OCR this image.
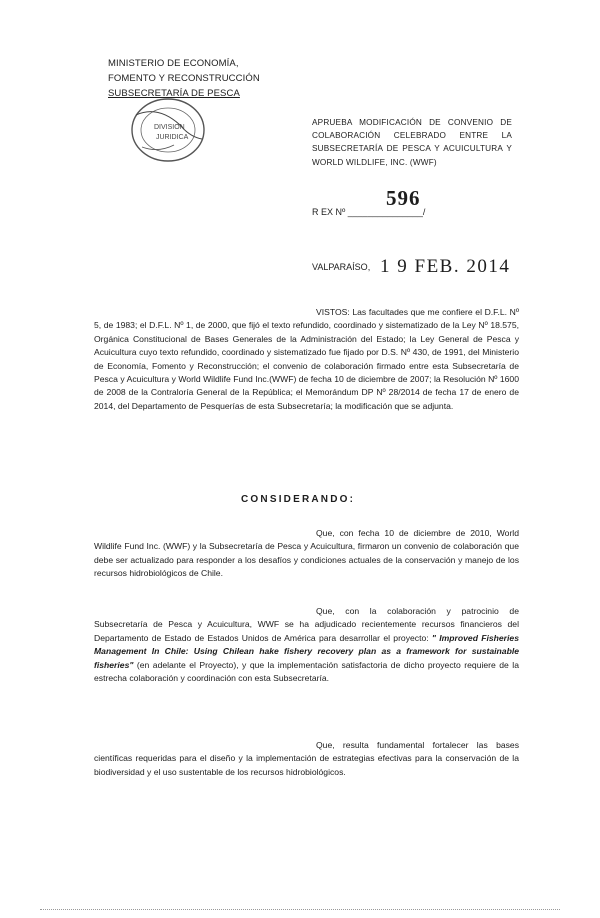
MINISTERIO DE ECONOMÍA,
FOMENTO Y RECONSTRUCCIÓN
SUBSECRETARÍA DE PESCA
DIVISION
JURIDICA
APRUEBA MODIFICACIÓN DE CONVENIO DE COLABORACIÓN CELEBRADO ENTRE LA SUBSECRETARÍA DE PESCA Y ACUICULTURA Y WORLD WILDLIFE, INC. (WWF)
596
R EX Nº _______________/
VALPARAÍSO, 1 9 FEB. 2014
VISTOS: Las facultades que me confiere el D.F.L. Nº 5, de 1983; el D.F.L. Nº 1, de 2000, que fijó el texto refundido, coordinado y sistematizado de la Ley Nº 18.575, Orgánica Constitucional de Bases Generales de la Administración del Estado; la Ley General de Pesca y Acuicultura cuyo texto refundido, coordinado y sistematizado fue fijado por D.S. Nº 430, de 1991, del Ministerio de Economía, Fomento y Reconstrucción; el convenio de colaboración firmado entre esta Subsecretaría de Pesca y Acuicultura y World Wildlife Fund Inc.(WWF) de fecha 10 de diciembre de 2007; la Resolución Nº 1600 de 2008 de la Contraloría General de la República; el Memorándum DP Nº 28/2014 de fecha 17 de enero de 2014, del Departamento de Pesquerías de esta Subsecretaría; la modificación que se adjunta.
CONSIDERANDO:
Que, con fecha 10 de diciembre de 2010, World Wildlife Fund Inc. (WWF) y la Subsecretaría de Pesca y Acuicultura, firmaron un convenio de colaboración que debe ser actualizado para responder a los desafíos y condiciones actuales de la conservación y manejo de los recursos hidrobiológicos de Chile.
Que, con la colaboración y patrocinio de Subsecretaría de Pesca y Acuicultura, WWF se ha adjudicado recientemente recursos financieros del Departamento de Estado de Estados Unidos de América para desarrollar el proyecto: " Improved Fisheries Management In Chile: Using Chilean hake fishery recovery plan as a framework for sustainable fisheries" (en adelante el Proyecto), y que la implementación satisfactoria de dicho proyecto requiere de la estrecha colaboración y coordinación con esta Subsecretaría.
Que, resulta fundamental fortalecer las bases científicas requeridas para el diseño y la implementación de estrategias efectivas para la conservación de la biodiversidad y el uso sustentable de los recursos hidrobiológicos.
